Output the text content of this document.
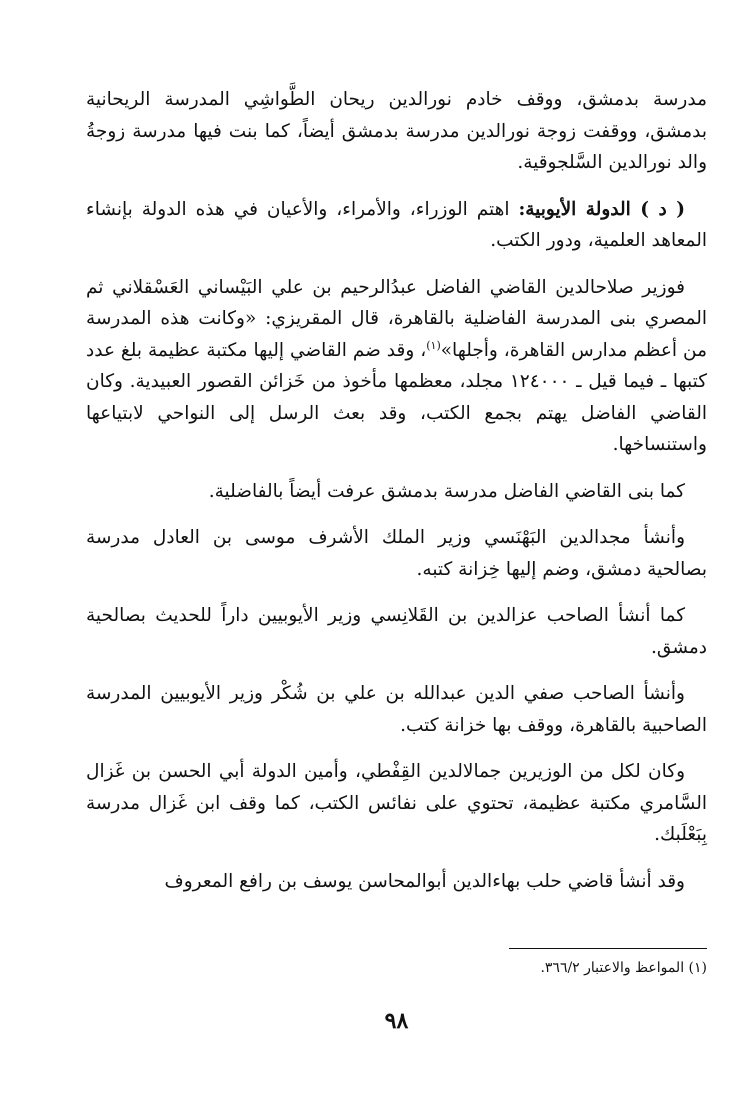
مدرسة بدمشق، ووقف خادم نورالدين ريحان الطَّواشِي المدرسة الريحانية بدمشق، ووقفت زوجة نورالدين مدرسة بدمشق أيضاً، كما بنت فيها مدرسة زوجةُ والد نورالدين السَّلجوقية.

( د ) الدولة الأيوبية: اهتم الوزراء، والأمراء، والأعيان في هذه الدولة بإنشاء المعاهد العلمية، ودور الكتب.

فوزير صلاحالدين القاضي الفاضل عبدُالرحيم بن علي البَيْساني العَسْقلاني ثم المصري بنى المدرسة الفاضلية بالقاهرة، قال المقريزي: «وكانت هذه المدرسة من أعظم مدارس القاهرة، وأجلها»$^{(١)}$، وقد ضم القاضي إليها مكتبة عظيمة بلغ عدد كتبها ـ فيما قيل ـ ١٢٤٠٠٠ مجلد، معظمها مأخوذ من خَزائن القصور العبيدية. وكان القاضي الفاضل يهتم بجمع الكتب، وقد بعث الرسل إلى النواحي لابتياعها واستنساخها.

كما بنى القاضي الفاضل مدرسة بدمشق عرفت أيضاً بالفاضلية.

وأنشأ مجدالدين البَهْنَسي وزير الملك الأشرف موسى بن العادل مدرسة بصالحية دمشق، وضم إليها خِزانة كتبه.

كما أنشأ الصاحب عزالدين بن القَلانِسي وزير الأيوبيين داراً للحديث بصالحية دمشق.

وأنشأ الصاحب صفي الدين عبدالله بن علي بن شُكْر وزير الأيوبيين المدرسة الصاحبية بالقاهرة، ووقف بها خزانة كتب.

وكان لكل من الوزيرين جمالالدين القِفْطي، وأمين الدولة أبي الحسن بن غَزال السَّامري مكتبة عظيمة، تحتوي على نفائس الكتب، كما وقف ابن غَزال مدرسة بِبَعْلَبك.

وقد أنشأ قاضي حلب بهاءالدين أبوالمحاسن يوسف بن رافع المعروف

(١) المواعظ والاعتبار ٣٦٦/٢.

٩٨
